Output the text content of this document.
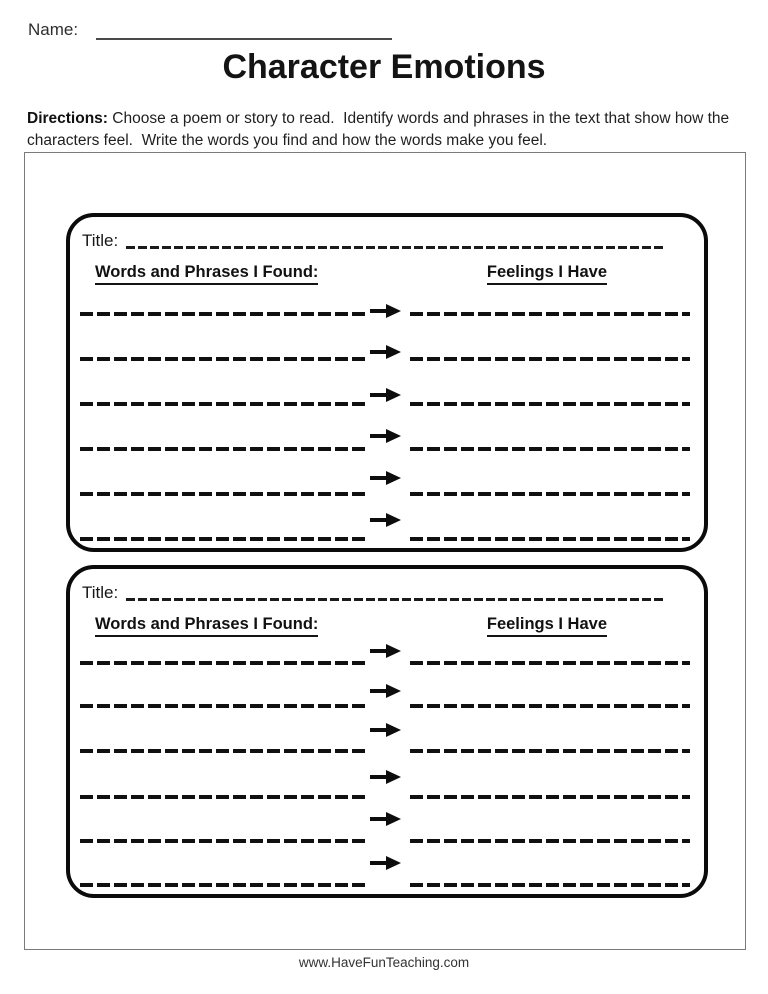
Name:
Character Emotions
Directions: Choose a poem or story to read.  Identify words and phrases in the text that show how the characters feel.  Write the words you find and how the words make you feel.
Title:
Words and Phrases I Found:	Feelings I Have
Title:
Words and Phrases I Found:	Feelings I Have
www.HaveFunTeaching.com
